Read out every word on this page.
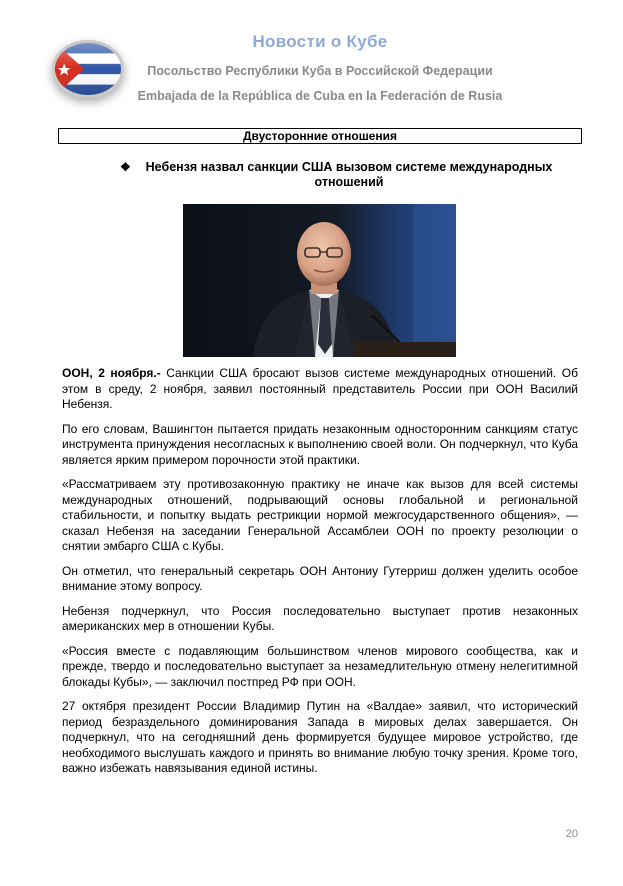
Новости о Кубе
Посольство Республики Куба в Российской Федерации
Embajada de la República de Cuba en la Federación de Rusia
Двусторонние отношения
❖	Небензя назвал санкции США вызовом системе международных отношений

ООН, 2 ноября.- Санкции США бросают вызов системе международных отношений. Об этом в среду, 2 ноября, заявил постоянный представитель России при ООН Василий Небензя.

По его словам, Вашингтон пытается придать незаконным односторонним санкциям статус инструмента принуждения несогласных к выполнению своей воли. Он подчеркнул, что Куба является ярким примером порочности этой практики.

«Рассматриваем эту противозаконную практику не иначе как вызов для всей системы международных отношений, подрывающий основы глобальной и региональной стабильности, и попытку выдать рестрикции нормой межгосударственного общения», — сказал Небензя на заседании Генеральной Ассамблеи ООН по проекту резолюции о снятии эмбарго США с Кубы.

Он отметил, что генеральный секретарь ООН Антониу Гутерриш должен уделить особое внимание этому вопросу.

Небензя подчеркнул, что Россия последовательно выступает против незаконных американских мер в отношении Кубы.

«Россия вместе с подавляющим большинством членов мирового сообщества, как и прежде, твердо и последовательно выступает за незамедлительную отмену нелегитимной блокады Кубы», — заключил постпред РФ при ООН.

27 октября президент России Владимир Путин на «Валдае» заявил, что исторический период безраздельного доминирования Запада в мировых делах завершается. Он подчеркнул, что на сегодняшний день формируется будущее мировое устройство, где необходимого выслушать каждого и принять во внимание любую точку зрения. Кроме того, важно избежать навязывания единой истины.

20
